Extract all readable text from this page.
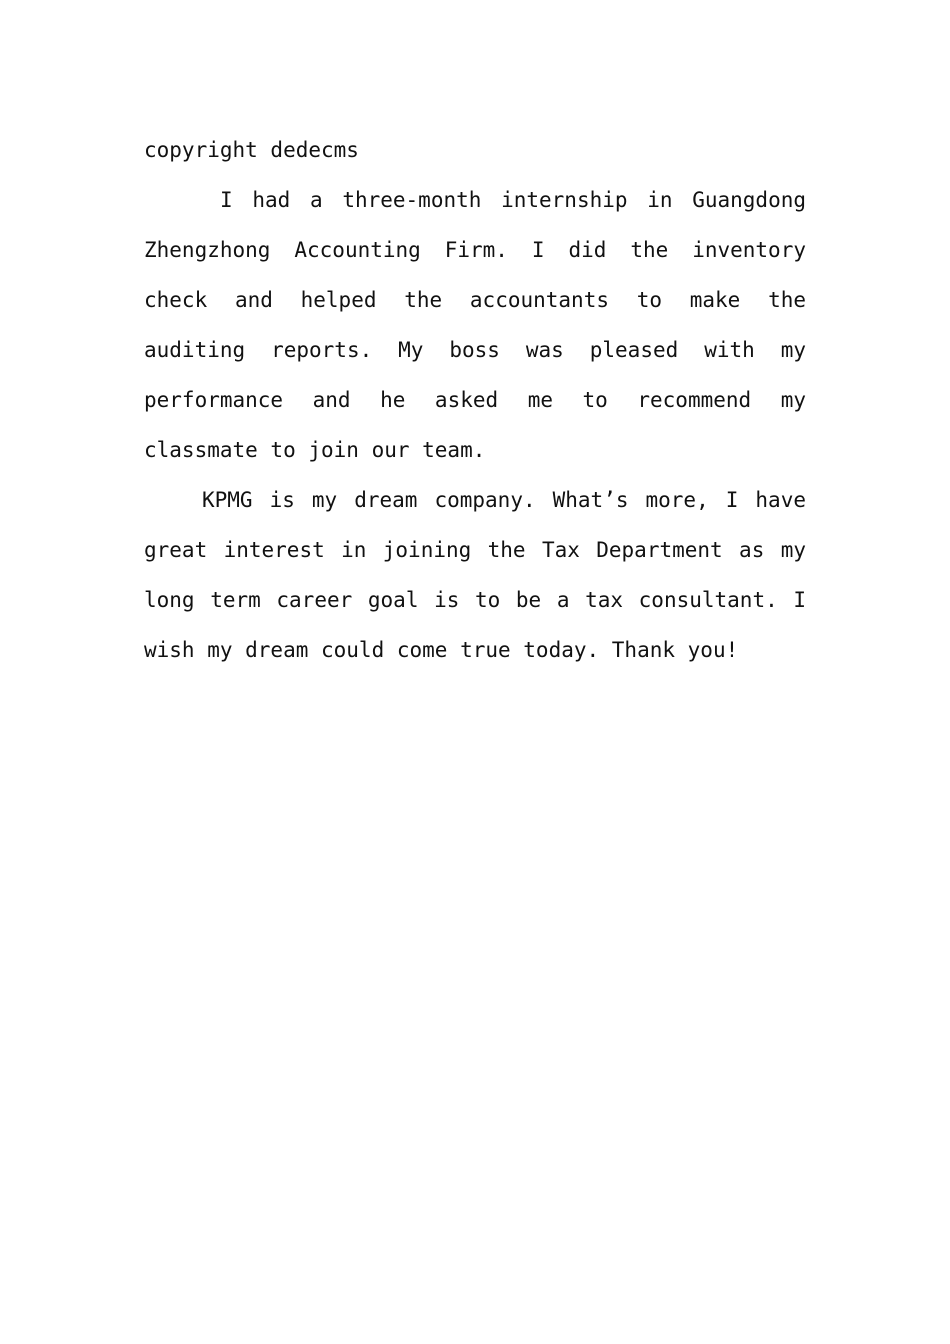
copyright dedecms

I had a three-month internship in Guangdong Zhengzhong Accounting Firm. I did the inventory check and helped the accountants to make the auditing reports. My boss was pleased with my performance and he asked me to recommend my classmate to join our team.

KPMG is my dream company. What’s more, I have great interest in joining the Tax Department as my long term career goal is to be a tax consultant. I wish my dream could come true today. Thank you!
